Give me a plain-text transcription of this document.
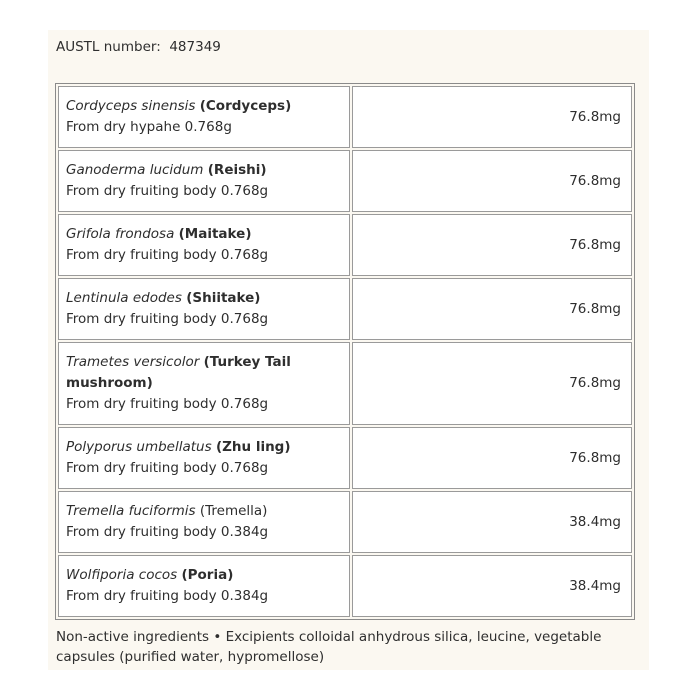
AUSTL number: 487349
Cordyceps sinensis (Cordyceps)
From dry hypahe 0.768g	76.8mg
Ganoderma lucidum (Reishi)
From dry fruiting body 0.768g	76.8mg
Grifola frondosa (Maitake)
From dry fruiting body 0.768g	76.8mg
Lentinula edodes (Shiitake)
From dry fruiting body 0.768g	76.8mg
Trametes versicolor (Turkey Tail mushroom)
From dry fruiting body 0.768g	76.8mg
Polyporus umbellatus (Zhu ling)
From dry fruiting body 0.768g	76.8mg
Tremella fuciformis (Tremella)
From dry fruiting body 0.384g	38.4mg
Wolfiporia cocos (Poria)
From dry fruiting body 0.384g	38.4mg
Non-active ingredients • Excipients colloidal anhydrous silica, leucine, vegetable capsules (purified water, hypromellose)
